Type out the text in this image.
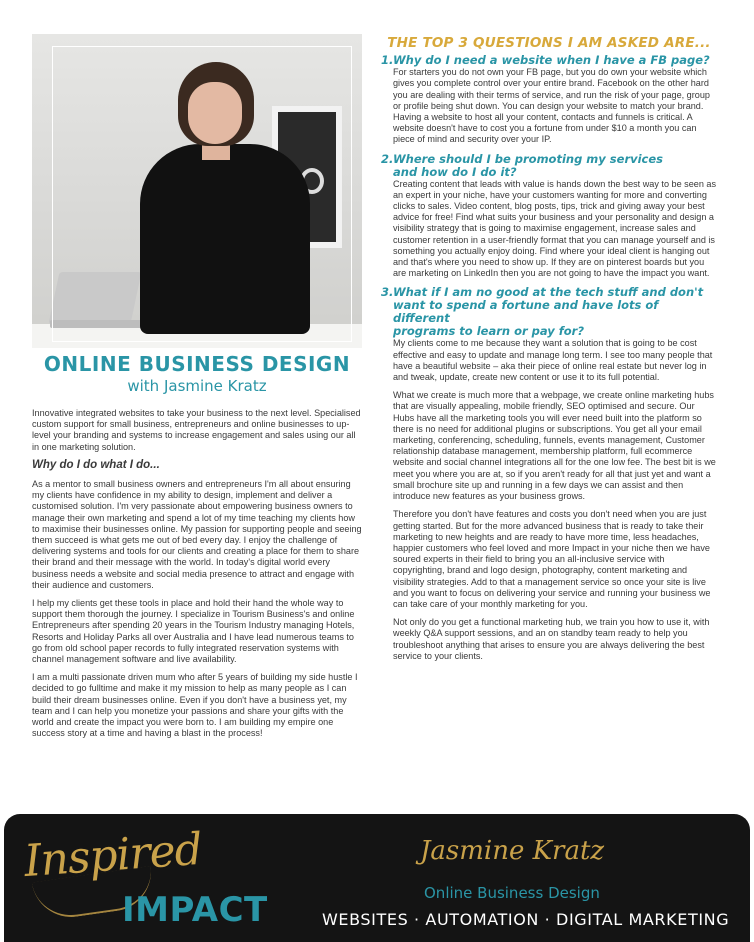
ONLINE BUSINESS DESIGN
with Jasmine Kratz

Innovative integrated websites to take your business to the next level. Specialised custom support for small business, entrepreneurs and online businesses to up-level your branding and systems to increase engagement and sales using our all in one marketing solution.

Why do I do what I do...

As a mentor to small business owners and entrepreneurs I'm all about ensuring my clients have confidence in my ability to design, implement and deliver a customised solution. I'm very passionate about empowering business owners to manage their own marketing and spend a lot of my time teaching my clients how to maximise their businesses online. My passion for supporting people and seeing them succeed is what gets me out of bed every day. I enjoy the challenge of delivering systems and tools for our clients and creating a place for them to share their brand and their message with the world. In today's digital world every business needs a website and social media presence to attract and engage with their audience and customers.

I help my clients get these tools in place and hold their hand the whole way to support them thorough the journey. I specialize in Tourism Business's and online Entrepreneurs after spending 20 years in the Tourism Industry managing Hotels, Resorts and Holiday Parks all over Australia and I have lead numerous teams to go from old school paper records to fully integrated reservation systems with channel management software and live availability.

I am a multi passionate driven mum who after 5 years of building my side hustle I decided to go fulltime and make it my mission to help as many people as I can build their dream businesses online. Even if you don't have a business yet, my team and I can help you monetize your passions and share your gifts with the world and create the impact you were born to. I am building my empire one success story at a time and having a blast in the process!

THE TOP 3 QUESTIONS I AM ASKED ARE...
1.Why do I need a website when I have a FB page?

For starters you do not own your FB page, but you do own your website which gives you complete control over your entire brand. Facebook on the other hard you are dealing with their terms of service, and run the risk of your page, group or profile being shut down. You can design your website to match your brand. Having a website to host all your content, contacts and funnels is critical. A website doesn't have to cost you a fortune from under $10 a month you can piece of mind and security over your IP.

2.Where should I be promoting my services
and how do I do it?

Creating content that leads with value is hands down the best way to be seen as an expert in your niche, have your customers wanting for more and converting clicks to sales. Video content, blog posts, tips, trick and giving away your best advice for free! Find what suits your business and your personality and design a visibility strategy that is going to maximise engagement, increase sales and customer retention in a user-friendly format that you can manage yourself and is something you actually enjoy doing. Find where your ideal client is hanging out and that's where you need to show up. If they are on pinterest boards but you are marketing on LinkedIn then you are not going to have the impact you want.

3.What if I am no good at the tech stuff and don't
want to spend a fortune and have lots of different
programs to learn or pay for?

My clients come to me because they want a solution that is going to be cost effective and easy to update and manage long term. I see too many people that have a beautiful website – aka their piece of online real estate but never log in and tweak, update, create new content or use it to its full potential.

What we create is much more that a webpage, we create online marketing hubs that are visually appealing, mobile friendly, SEO optimised and secure. Our Hubs have all the marketing tools you will ever need built into the platform so there is no need for additional plugins or subscriptions. You get all your email marketing, conferencing, scheduling, funnels, events management, Customer relationship database management, membership platform, full ecommerce website and social channel integrations all for the one low fee. The best bit is we meet you where you are at, so if you aren't ready for all that just yet and want a small brochure site up and running in a few days we can assist and then introduce new features as your business grows.

Therefore you don't have features and costs you don't need when you are just getting started. But for the more advanced business that is ready to take their marketing to new heights and are ready to have more time, less headaches, happier customers who feel loved and more Impact in your niche then we have soured experts in their field to bring you an all-inclusive service with copyrighting, brand and logo design, photography, content marketing and visibility strategies. Add to that a management service so once your site is live and you want to focus on delivering your service and running your business we can take care of your monthly marketing for you.

Not only do you get a functional marketing hub, we train you how to use it, with weekly Q&A support sessions, and an on standby team ready to help you troubleshoot anything that arises to ensure you are always delivering the best service to your clients.

Inspired
IMPACT
Jasmine Kratz
Online Business Design
WEBSITES · AUTOMATION · DIGITAL MARKETING
